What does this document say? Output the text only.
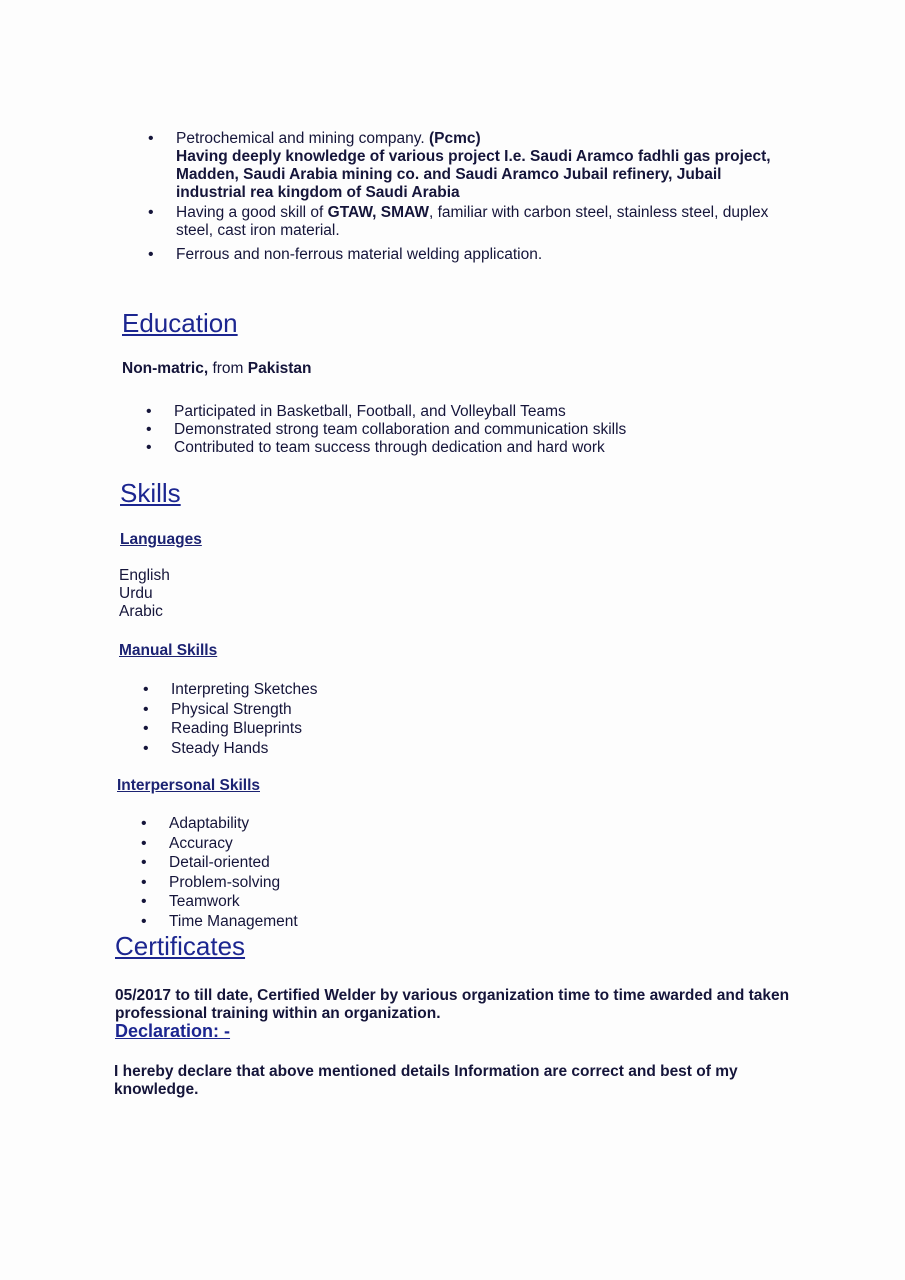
• Petrochemical and mining company. (Pcmc)
Having deeply knowledge of various project I.e. Saudi Aramco fadhli gas project,
Madden, Saudi Arabia mining co. and Saudi Aramco Jubail refinery, Jubail
industrial rea kingdom of Saudi Arabia
• Having a good skill of GTAW, SMAW, familiar with carbon steel, stainless steel, duplex
steel, cast iron material.
• Ferrous and non-ferrous material welding application.
Education
Non-matric, from Pakistan
• Participated in Basketball, Football, and Volleyball Teams
• Demonstrated strong team collaboration and communication skills
• Contributed to team success through dedication and hard work
Skills
Languages
English
Urdu
Arabic
Manual Skills
• Interpreting Sketches
• Physical Strength
• Reading Blueprints
• Steady Hands
Interpersonal Skills
• Adaptability
• Accuracy
• Detail-oriented
• Problem-solving
• Teamwork
• Time Management
Certificates
05/2017 to till date, Certified Welder by various organization time to time awarded and taken
professional training within an organization.
Declaration: -
I hereby declare that above mentioned details Information are correct and best of my
knowledge.
